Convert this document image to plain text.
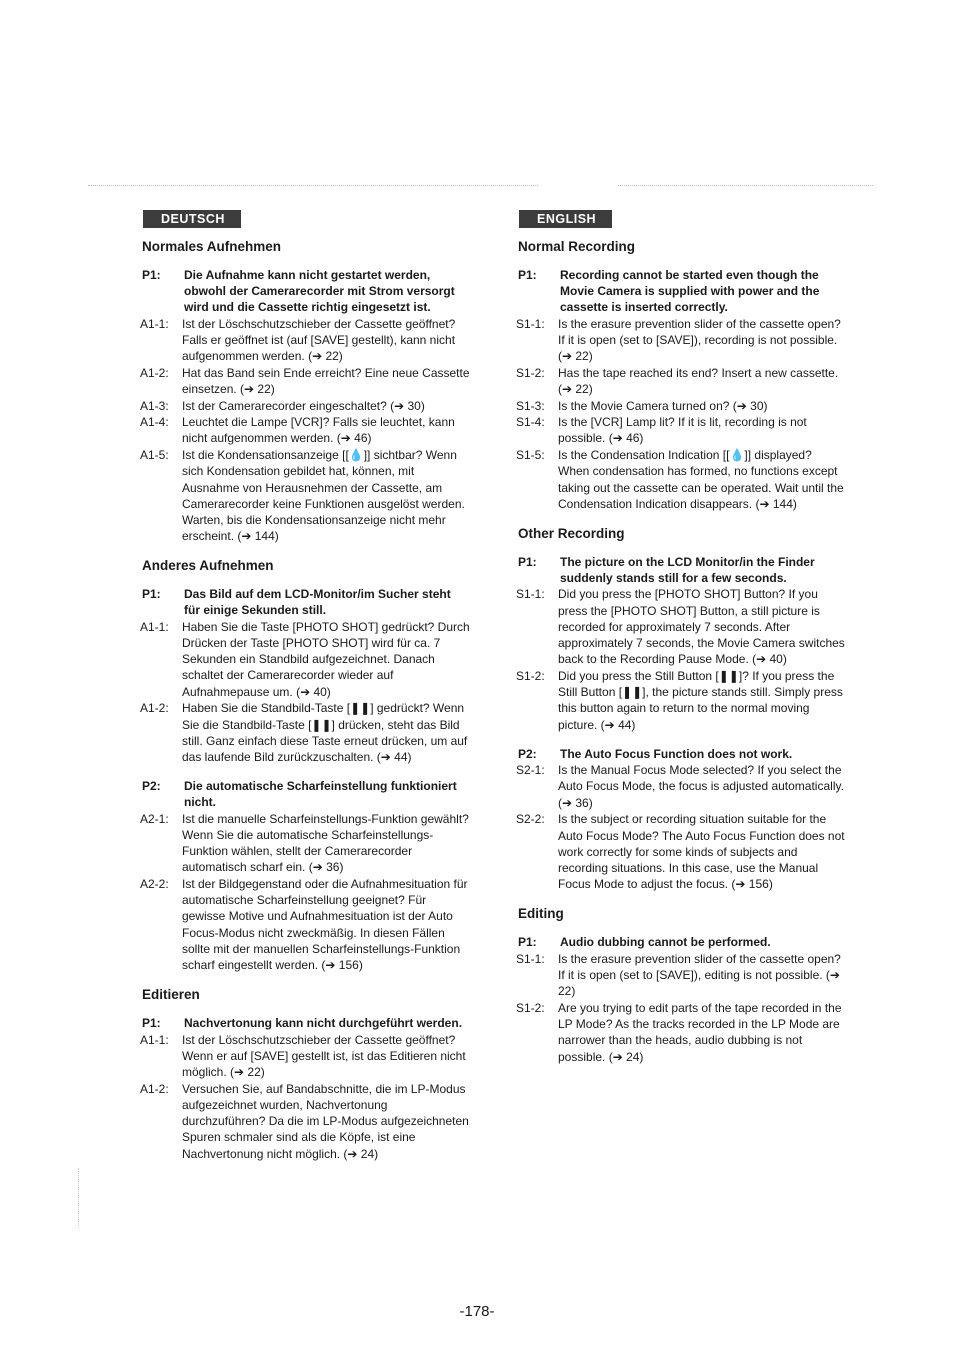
DEUTSCH
Normales Aufnehmen
P1:	Die Aufnahme kann nicht gestartet werden, obwohl der Camerarecorder mit Strom versorgt wird und die Cassette richtig eingesetzt ist.
A1-1:	Ist der Löschschutzschieber der Cassette geöffnet? Falls er geöffnet ist (auf [SAVE] gestellt), kann nicht aufgenommen werden. (➔ 22)
A1-2:	Hat das Band sein Ende erreicht? Eine neue Cassette einsetzen. (➔ 22)
A1-3:	Ist der Camerarecorder eingeschaltet? (➔ 30)
A1-4:	Leuchtet die Lampe [VCR]? Falls sie leuchtet, kann nicht aufgenommen werden. (➔ 46)
A1-5:	Ist die Kondensationsanzeige [[💧]] sichtbar? Wenn sich Kondensation gebildet hat, können, mit Ausnahme von Herausnehmen der Cassette, am Camerarecorder keine Funktionen ausgelöst werden. Warten, bis die Kondensationsanzeige nicht mehr erscheint. (➔ 144)
Anderes Aufnehmen
P1:	Das Bild auf dem LCD-Monitor/im Sucher steht für einige Sekunden still.
A1-1:	Haben Sie die Taste [PHOTO SHOT] gedrückt? Durch Drücken der Taste [PHOTO SHOT] wird für ca. 7 Sekunden ein Standbild aufgezeichnet. Danach schaltet der Camerarecorder wieder auf Aufnahmepause um. (➔ 40)
A1-2:	Haben Sie die Standbild-Taste [❚❚] gedrückt? Wenn Sie die Standbild-Taste [❚❚] drücken, steht das Bild still. Ganz einfach diese Taste erneut drücken, um auf das laufende Bild zurückzuschalten. (➔ 44)
P2:	Die automatische Scharfeinstellung funktioniert nicht.
A2-1:	Ist die manuelle Scharfeinstellungs-Funktion gewählt? Wenn Sie die automatische Scharfeinstellungs-Funktion wählen, stellt der Camerarecorder automatisch scharf ein. (➔ 36)
A2-2:	Ist der Bildgegenstand oder die Aufnahmesituation für automatische Scharfeinstellung geeignet? Für gewisse Motive und Aufnahmesituation ist der Auto Focus-Modus nicht zweckmäßig. In diesen Fällen sollte mit der manuellen Scharfeinstellungs-Funktion scharf eingestellt werden. (➔ 156)
Editieren
P1:	Nachvertonung kann nicht durchgeführt werden.
A1-1:	Ist der Löschschutzschieber der Cassette geöffnet? Wenn er auf [SAVE] gestellt ist, ist das Editieren nicht möglich. (➔ 22)
A1-2:	Versuchen Sie, auf Bandabschnitte, die im LP-Modus aufgezeichnet wurden, Nachvertonung durchzuführen? Da die im LP-Modus aufgezeichneten Spuren schmaler sind als die Köpfe, ist eine Nachvertonung nicht möglich. (➔ 24)
ENGLISH
Normal Recording
P1:	Recording cannot be started even though the Movie Camera is supplied with power and the cassette is inserted correctly.
S1-1:	Is the erasure prevention slider of the cassette open? If it is open (set to [SAVE]), recording is not possible. (➔ 22)
S1-2:	Has the tape reached its end? Insert a new cassette. (➔ 22)
S1-3:	Is the Movie Camera turned on? (➔ 30)
S1-4:	Is the [VCR] Lamp lit? If it is lit, recording is not possible. (➔ 46)
S1-5:	Is the Condensation Indication [[💧]] displayed? When condensation has formed, no functions except taking out the cassette can be operated. Wait until the Condensation Indication disappears. (➔ 144)
Other Recording
P1:	The picture on the LCD Monitor/in the Finder suddenly stands still for a few seconds.
S1-1:	Did you press the [PHOTO SHOT] Button? If you press the [PHOTO SHOT] Button, a still picture is recorded for approximately 7 seconds. After approximately 7 seconds, the Movie Camera switches back to the Recording Pause Mode. (➔ 40)
S1-2:	Did you press the Still Button [❚❚]? If you press the Still Button [❚❚], the picture stands still. Simply press this button again to return to the normal moving picture. (➔ 44)
P2:	The Auto Focus Function does not work.
S2-1:	Is the Manual Focus Mode selected? If you select the Auto Focus Mode, the focus is adjusted automatically. (➔ 36)
S2-2:	Is the subject or recording situation suitable for the Auto Focus Mode? The Auto Focus Function does not work correctly for some kinds of subjects and recording situations. In this case, use the Manual Focus Mode to adjust the focus. (➔ 156)
Editing
P1:	Audio dubbing cannot be performed.
S1-1:	Is the erasure prevention slider of the cassette open? If it is open (set to [SAVE]), editing is not possible. (➔ 22)
S1-2:	Are you trying to edit parts of the tape recorded in the LP Mode? As the tracks recorded in the LP Mode are narrower than the heads, audio dubbing is not possible. (➔ 24)
-178-
